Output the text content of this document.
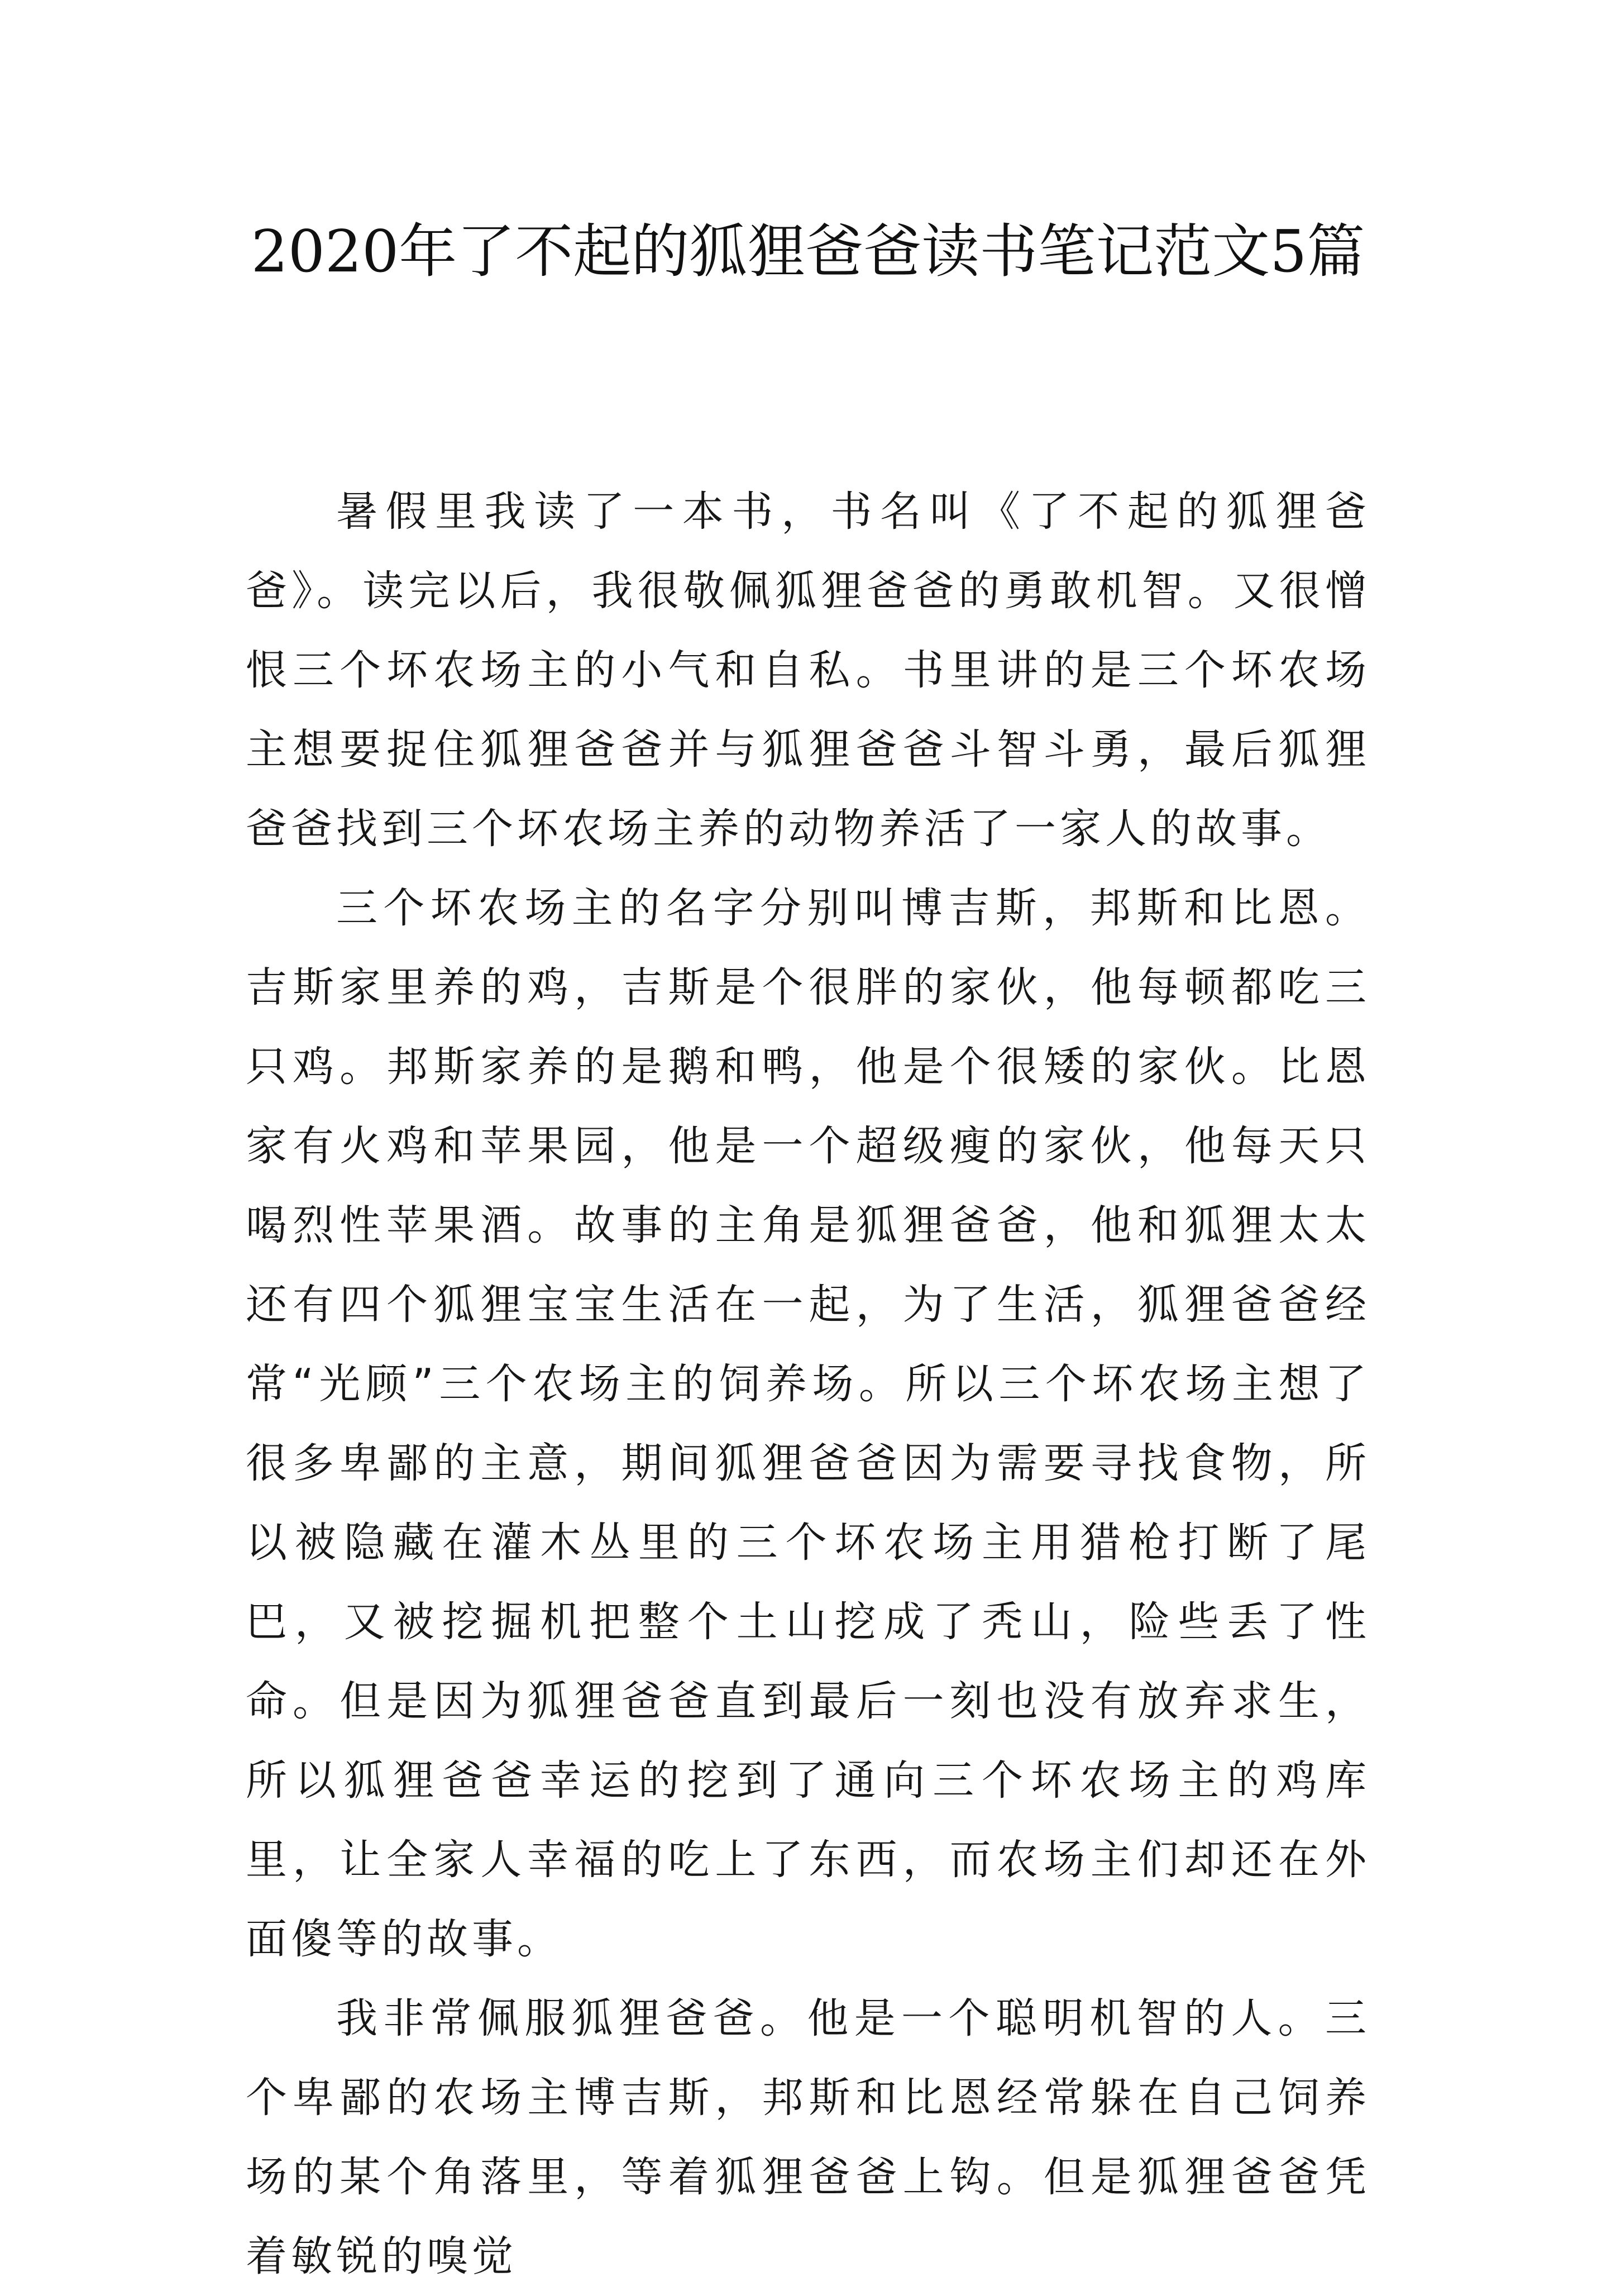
2020年了不起的狐狸爸爸读书笔记范文5篇

暑假里我读了一本书，书名叫《了不起的狐狸爸爸》。读完以后，我很敬佩狐狸爸爸的勇敢机智。又很憎恨三个坏农场主的小气和自私。书里讲的是三个坏农场主想要捉住狐狸爸爸并与狐狸爸爸斗智斗勇，最后狐狸爸爸找到三个坏农场主养的动物养活了一家人的故事。

三个坏农场主的名字分别叫博吉斯，邦斯和比恩。吉斯家里养的鸡，吉斯是个很胖的家伙，他每顿都吃三只鸡。邦斯家养的是鹅和鸭，他是个很矮的家伙。比恩家有火鸡和苹果园，他是一个超级瘦的家伙，他每天只喝烈性苹果酒。故事的主角是狐狸爸爸，他和狐狸太太还有四个狐狸宝宝生活在一起，为了生活，狐狸爸爸经常“光顾”三个农场主的饲养场。所以三个坏农场主想了很多卑鄙的主意，期间狐狸爸爸因为需要寻找食物，所以被隐藏在灌木丛里的三个坏农场主用猎枪打断了尾巴，又被挖掘机把整个土山挖成了秃山，险些丢了性命。但是因为狐狸爸爸直到最后一刻也没有放弃求生，所以狐狸爸爸幸运的挖到了通向三个坏农场主的鸡库里，让全家人幸福的吃上了东西，而农场主们却还在外面傻等的故事。

我非常佩服狐狸爸爸。他是一个聪明机智的人。三个卑鄙的农场主博吉斯，邦斯和比恩经常躲在自己饲养场的某个角落里，等着狐狸爸爸上钩。但是狐狸爸爸凭着敏锐的嗅觉
